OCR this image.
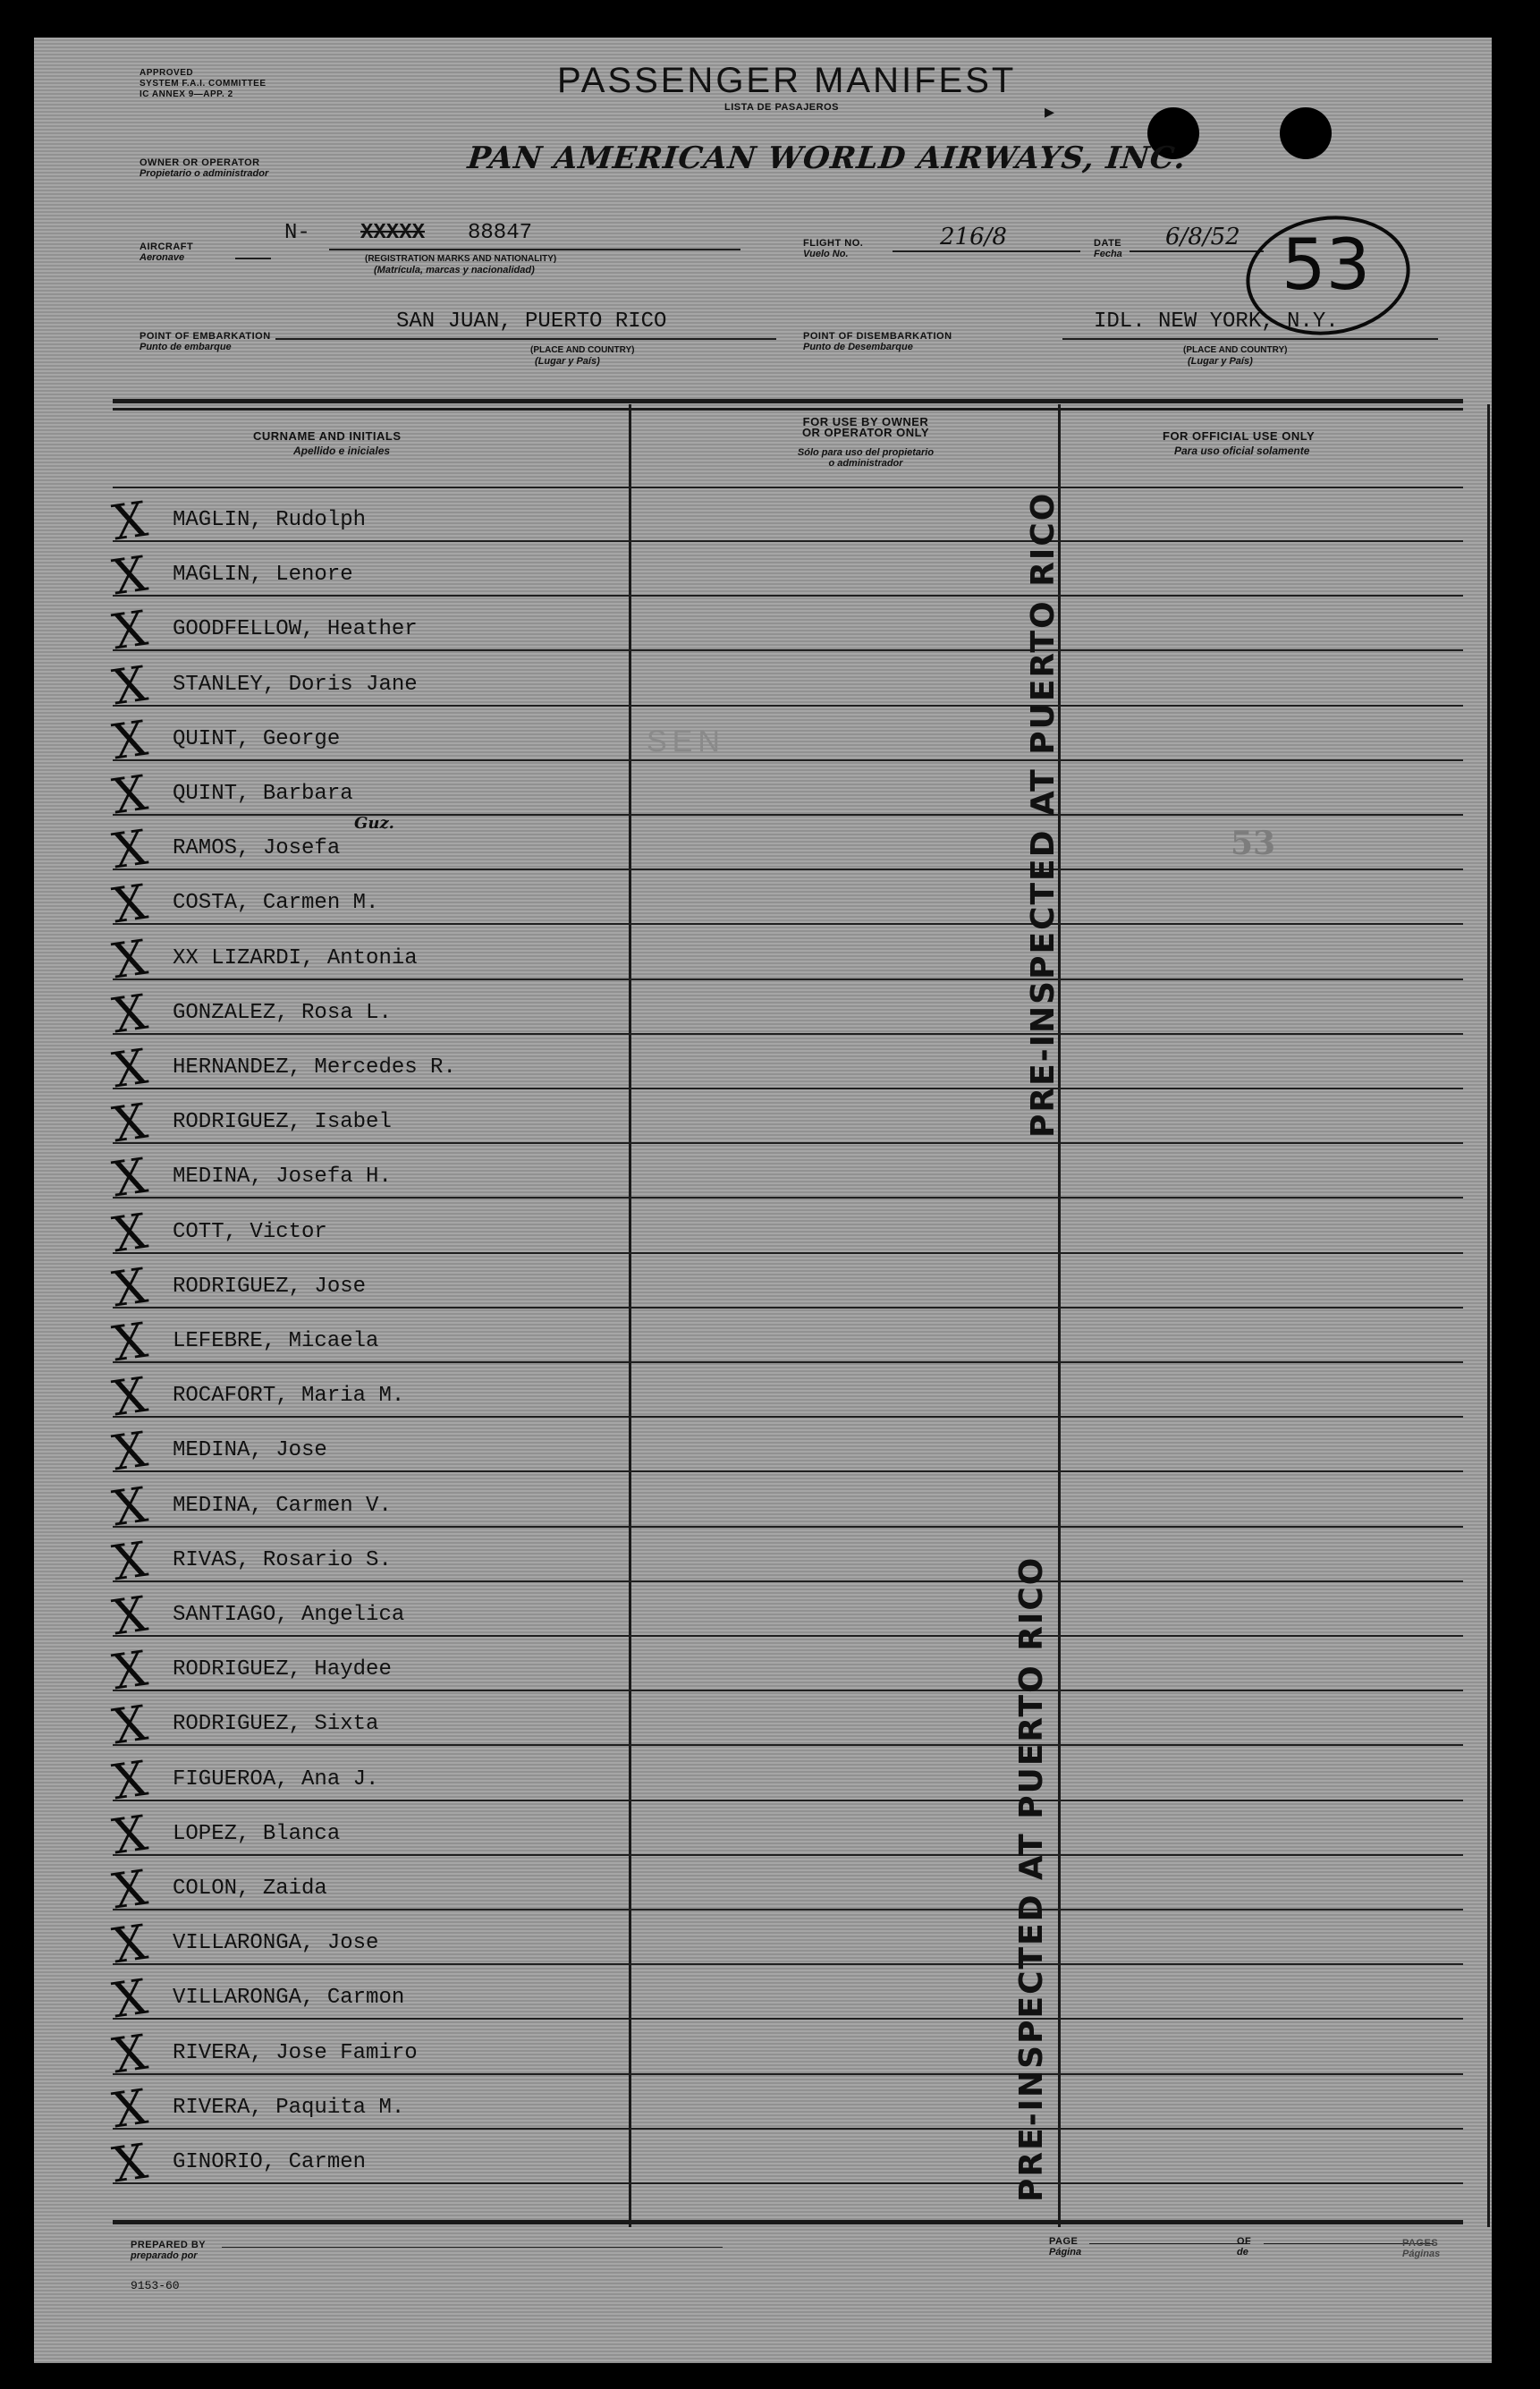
APPROVED
SYSTEM F.A.I. COMMITTEE
IC ANNEX 9—APP. 2	PASSENGER MANIFEST
LISTA DE PASAJEROS	▸
OWNER OR OPERATOR
Propietario o administrador	PAN AMERICAN WORLD AIRWAYS, INC.
AIRCRAFT
Aeronave
N- XXXXX 88847
(REGISTRATION MARKS AND NATIONALITY)
(Matrícula, marcas y nacionalidad)
FLIGHT NO.
Vuelo No.
216/8	DATE
Fecha
6/8/52 53
POINT OF EMBARKATION
Punto de embarque
SAN JUAN, PUERTO RICO
(PLACE AND COUNTRY)
(Lugar y País)
POINT OF DISEMBARKATION
Punto de Desembarque
IDL. NEW YORK, N.Y.
(PLACE AND COUNTRY)
(Lugar y País)
CURNAME AND INITIALS
Apellido e iniciales
FOR USE BY OWNER
OR OPERATOR ONLY
Sólo para uso del propietario
o administrador
FOR OFFICIAL USE ONLY
Para uso oficial solamente
X MAGLIN, Rudolph
X MAGLIN, Lenore
X GOODFELLOW, Heather
X STANLEY, Doris Jane
X QUINT, George
X QUINT, Barbara
X RAMOS, Josefa
X COSTA, Carmen M.
X XX LIZARDI, Antonia
X GONZALEZ, Rosa L.
X HERNANDEZ, Mercedes R.
X RODRIGUEZ, Isabel
X MEDINA, Josefa H.
X COTT, Victor
X RODRIGUEZ, Jose
X LEFEBRE, Micaela
X ROCAFORT, Maria M.
X MEDINA, Jose
X MEDINA, Carmen V.
X RIVAS, Rosario S.
X SANTIAGO, Angelica
X RODRIGUEZ, Haydee
X RODRIGUEZ, Sixta
X FIGUEROA, Ana J.
X LOPEZ, Blanca
X COLON, Zaida
X VILLARONGA, Jose
X VILLARONGA, Carmon
X RIVERA, Jose Famiro
X RIVERA, Paquita M.
X GINORIO, Carmen
Guz.
SEN
53
PRE-INSPECTED AT PUERTO RICO
PRE-INSPECTED AT PUERTO RICO
PREPARED BY
preparado por
9153-60
PAGE
Página
OF
de
PAGES
Páginas
